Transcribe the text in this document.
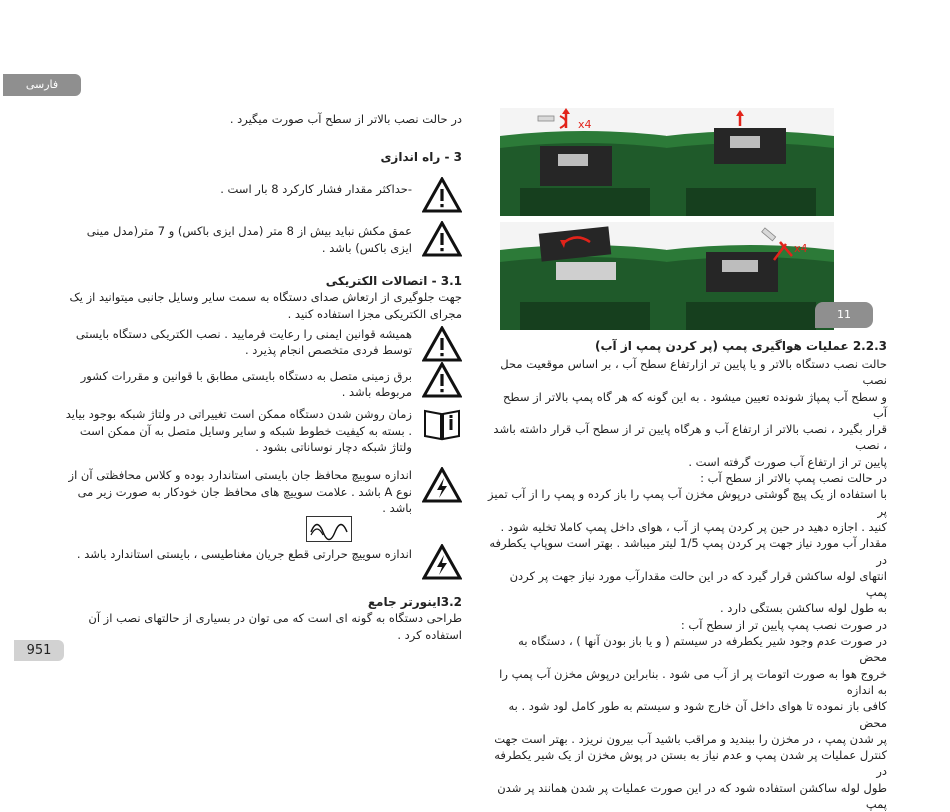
فارسی

در حالت نصب بالاتر از سطح آب صورت میگیرد .

3 - راه اندازی

-حداکثر مقدار فشار کارکرد 8 بار است .

عمق مکش نباید بیش از 8 متر (مدل ایزی باکس) و 7 متر(مدل مینی ایزی باکس) باشد .

3.1 - اتصالات الکتریکی

جهت جلوگیری از ارتعاش صدای دستگاه به سمت سایر وسایل جانبی میتوانید از یک مجرای الکتریکی مجزا استفاده کنید .

همیشه قوانین ایمنی را رعایت فرمایید . نصب الکتریکی دستگاه بایستی توسط فردی متخصص انجام پذیرد .

برق زمینی متصل به دستگاه بایستی مطابق با قوانین و مقررات کشور مربوطه باشد .

زمان روشن شدن دستگاه ممکن است تغییراتی در ولتاژ شبکه بوجود بیاید . بسته به کیفیت خطوط شبکه و سایر وسایل متصل به آن ممکن است ولتاژ شبکه دچار نوساناتی بشود .

اندازه سوییچ محافظ جان بایستی استاندارد بوده و کلاس محافظتی آن از نوع A باشد . علامت سوییچ های محافظ جان خودکار به صورت زیر می باشد .

اندازه سوییچ حرارتی قطع جریان مغناطیسی ، بایستی استاندارد باشد .

3.2اینورتر جامع

طراحی دستگاه به گونه ای است که می توان در بسیاری از حالتهای نصب از آن استفاده کرد .

x4
x4
11

2.2.3 عملیات هواگیری پمپ (پر کردن پمپ از آب)

حالت نصب دستگاه بالاتر و یا پایین تر ازارتفاع سطح آب ، بر اساس موقعیت محل نصب

و سطح آب پمپاژ شونده تعیین میشود . به این گونه که هر گاه پمپ بالاتر از سطح آب

قرار بگیرد ، نصب بالاتر از ارتفاع آب و هرگاه پایین تر از سطح آب قرار داشته باشد ، نصب

پایین تر از ارتفاع آب صورت گرفته است .

در حالت نصب پمپ بالاتر از سطح آب :

با استفاده از یک پیچ گوشتی درپوش مخزن آب پمپ را باز کرده و پمپ را از آب تمیز پر

کنید . اجازه دهید در حین پر کردن پمپ از آب ، هوای داخل پمپ کاملا تخلیه شود .

مقدار آب مورد نیاز جهت پر کردن پمپ 1/5 لیتر میباشد . بهتر است سوپاپ یکطرفه در

انتهای لوله ساکشن قرار گیرد که در این حالت مقدارآب مورد نیاز جهت پر کردن پمپ

به طول لوله ساکشن بستگی دارد .

در صورت نصب پمپ پایین تر از سطح آب :

در صورت عدم وجود شیر یکطرفه در سیستم ( و یا باز بودن آنها ) ، دستگاه به محض

خروج هوا به صورت اتومات پر از آب می شود . بنابراین درپوش مخزن آب پمپ را به اندازه

کافی باز نموده تا هوای داخل آن خارج شود و سیستم به طور کامل لود شود . به محض

پر شدن پمپ ، در مخزن را ببندید و مراقب باشید آب بیرون نریزد . بهتر است جهت

کنترل عملیات پر شدن پمپ و عدم نیاز به بستن در پوش مخزن از یک شیر یکطرفه در

طول لوله ساکشن استفاده شود که در این صورت عملیات پر شدن همانند پر شدن پمپ

951
